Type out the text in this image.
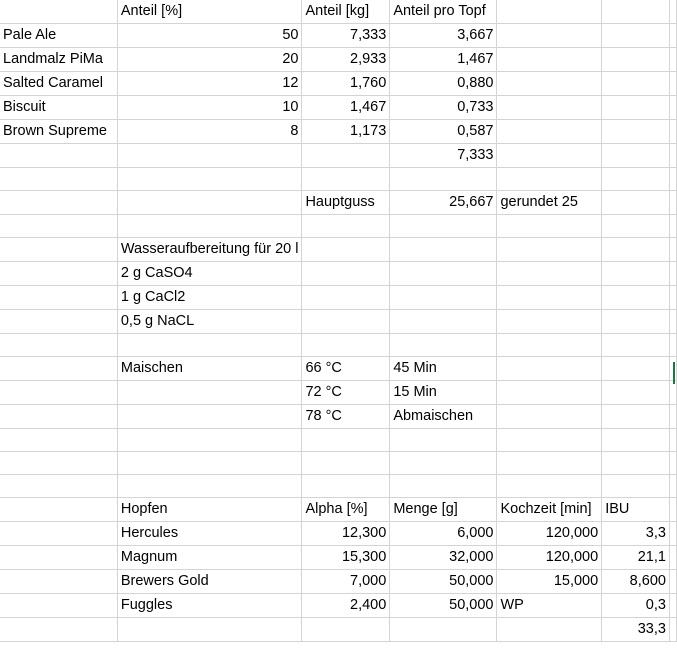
	Anteil [%]	Anteil [kg]	Anteil pro Topf			
Pale Ale	50	7,333	3,667			
Landmalz PiMa	20	2,933	1,467			
Salted Caramel	12	1,760	0,880			
Biscuit	10	1,467	0,733			
Brown Supreme	8	1,173	0,587			
			7,333			

		Hauptguss	25,667	gerundet 25		

	Wasseraufbereitung für 20 l					
	2 g CaSO4					
	1 g CaCl2					
	0,5 g NaCL					

	Maischen	66 °C	45 Min			
		72 °C	15 Min			
		78 °C	Abmaischen			

	Hopfen	Alpha [%]	Menge [g]	Kochzeit [min]	IBU	
	Hercules	12,300	6,000	120,000	3,3	
	Magnum	15,300	32,000	120,000	21,1	
	Brewers Gold	7,000	50,000	15,000	8,600	
	Fuggles	2,400	50,000	WP	0,3	
					33,3	
